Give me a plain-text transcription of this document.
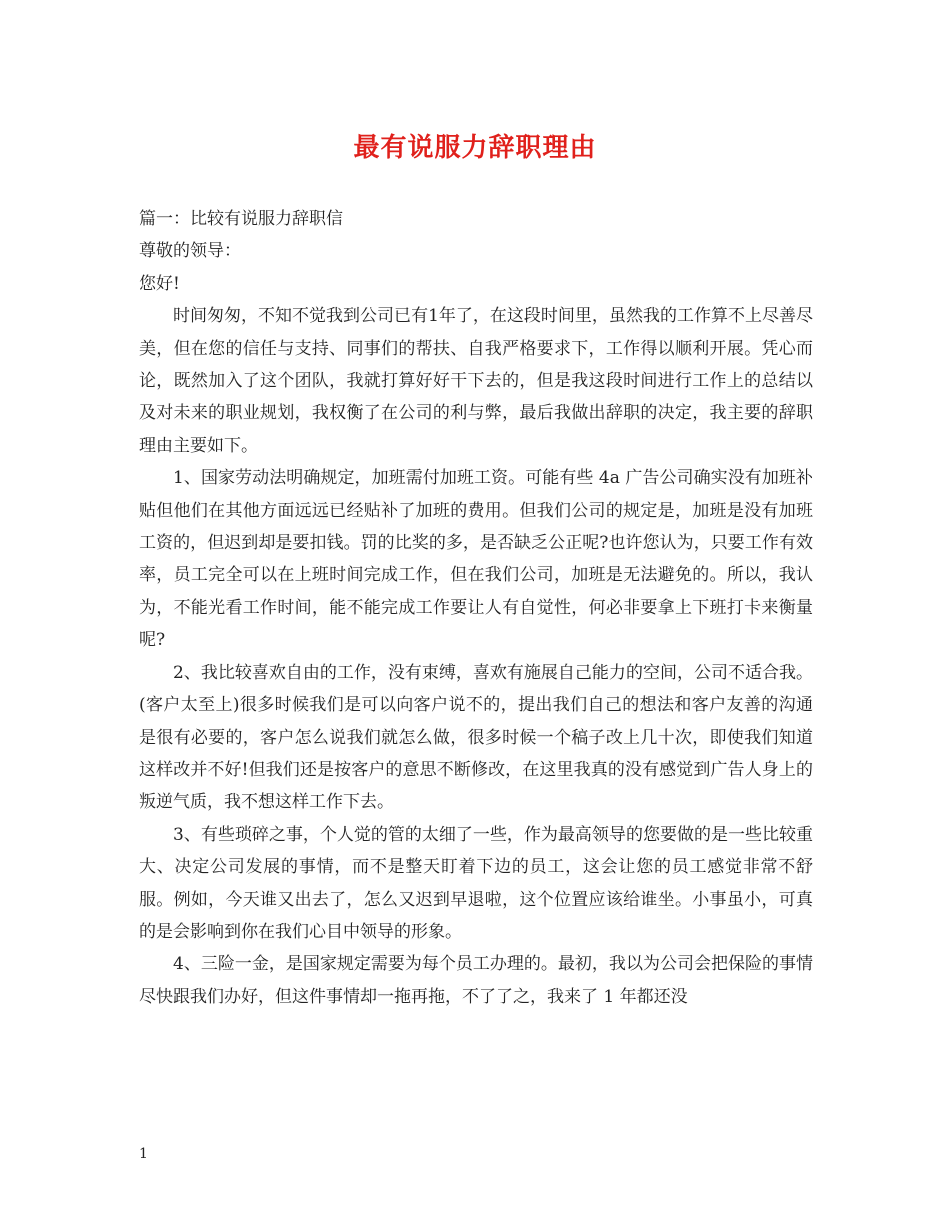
最有说服力辞职理由

篇一：比较有说服力辞职信

尊敬的领导：

您好!

时间匆匆，不知不觉我到公司已有1年了，在这段时间里，虽然我的工作算不上尽善尽美，但在您的信任与支持、同事们的帮扶、自我严格要求下，工作得以顺利开展。凭心而论，既然加入了这个团队，我就打算好好干下去的，但是我这段时间进行工作上的总结以及对未来的职业规划，我权衡了在公司的利与弊，最后我做出辞职的决定，我主要的辞职理由主要如下。

1、国家劳动法明确规定，加班需付加班工资。可能有些 4a 广告公司确实没有加班补贴但他们在其他方面远远已经贴补了加班的费用。但我们公司的规定是，加班是没有加班工资的，但迟到却是要扣钱。罚的比奖的多，是否缺乏公正呢?也许您认为，只要工作有效率，员工完全可以在上班时间完成工作，但在我们公司，加班是无法避免的。所以，我认为，不能光看工作时间，能不能完成工作要让人有自觉性，何必非要拿上下班打卡来衡量呢?

2、我比较喜欢自由的工作，没有束缚，喜欢有施展自己能力的空间，公司不适合我。(客户太至上)很多时候我们是可以向客户说不的，提出我们自己的想法和客户友善的沟通是很有必要的，客户怎么说我们就怎么做，很多时候一个稿子改上几十次，即使我们知道这样改并不好!但我们还是按客户的意思不断修改，在这里我真的没有感觉到广告人身上的叛逆气质，我不想这样工作下去。

3、有些琐碎之事，个人觉的管的太细了一些，作为最高领导的您要做的是一些比较重大、决定公司发展的事情，而不是整天盯着下边的员工，这会让您的员工感觉非常不舒服。例如，今天谁又出去了，怎么又迟到早退啦，这个位置应该给谁坐。小事虽小，可真的是会影响到你在我们心目中领导的形象。

4、三险一金，是国家规定需要为每个员工办理的。最初，我以为公司会把保险的事情尽快跟我们办好，但这件事情却一拖再拖，不了了之，我来了 1 年都还没

1
